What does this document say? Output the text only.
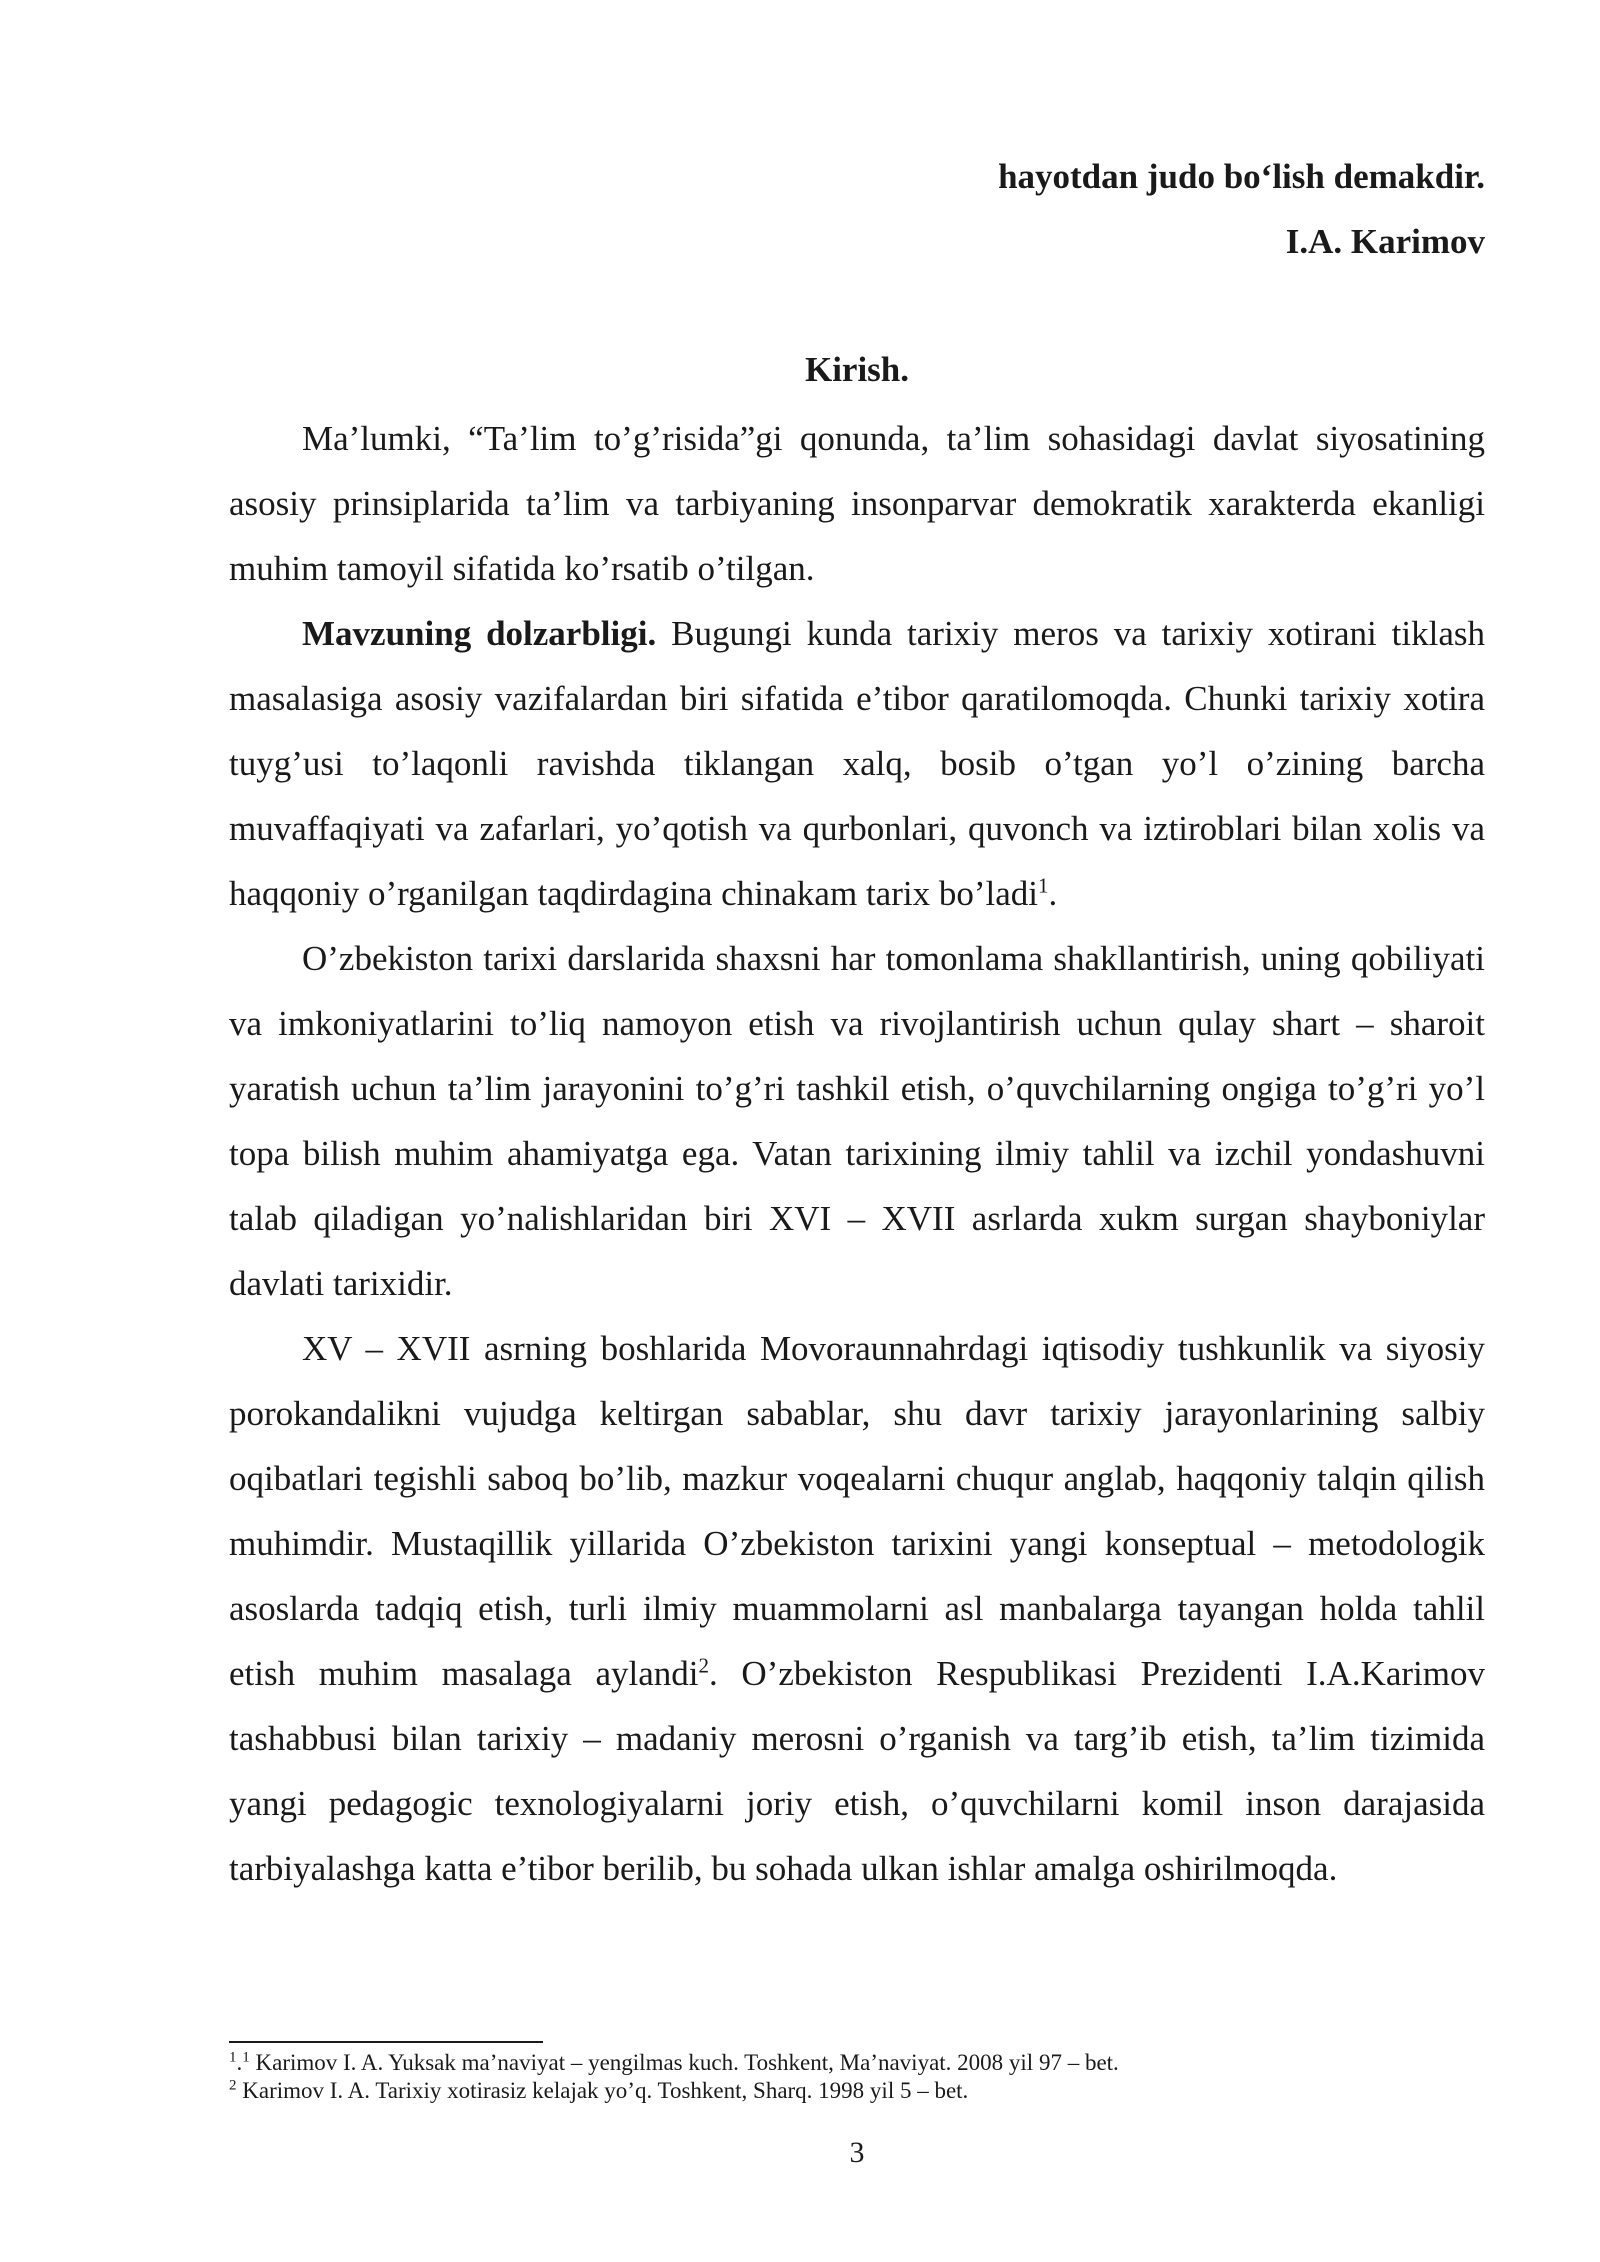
hayotdan judo bo‘lish demakdir.
I.A. Karimov
Kirish.

Ma’lumki, “Ta’lim to’g’risida”gi qonunda, ta’lim sohasidagi davlat siyosatining asosiy prinsiplarida ta’lim va tarbiyaning insonparvar demokratik xarakterda ekanligi muhim tamoyil sifatida ko’rsatib o’tilgan.

Mavzuning dolzarbligi. Bugungi kunda tarixiy meros va tarixiy xotirani tiklash masalasiga asosiy vazifalardan biri sifatida e’tibor qaratilomoqda. Chunki tarixiy xotira tuyg’usi to’laqonli ravishda tiklangan xalq, bosib o’tgan yo’l o’zining barcha muvaffaqiyati va zafarlari, yo’qotish va qurbonlari, quvonch va iztiroblari bilan xolis va haqqoniy o’rganilgan taqdirdagina chinakam tarix bo’ladi$^1$.

O’zbekiston tarixi darslarida shaxsni har tomonlama shakllantirish, uning qobiliyati va imkoniyatlarini to’liq namoyon etish va rivojlantirish uchun qulay shart – sharoit yaratish uchun ta’lim jarayonini to’g’ri tashkil etish, o’quvchilarning ongiga to’g’ri yo’l topa bilish muhim ahamiyatga ega. Vatan tarixining ilmiy tahlil va izchil yondashuvni talab qiladigan yo’nalishlaridan biri XVI – XVII asrlarda xukm surgan shayboniylar davlati tarixidir.

XV – XVII asrning boshlarida Movoraunnahrdagi iqtisodiy tushkunlik va siyosiy porokandalikni vujudga keltirgan sabablar, shu davr tarixiy jarayonlarining salbiy oqibatlari tegishli saboq bo’lib, mazkur voqealarni chuqur anglab, haqqoniy talqin qilish muhimdir. Mustaqillik yillarida O’zbekiston tarixini yangi konseptual – metodologik asoslarda tadqiq etish, turli ilmiy muammolarni asl manbalarga tayangan holda tahlil etish muhim masalaga aylandi$^2$. O’zbekiston Respublikasi Prezidenti I.A.Karimov tashabbusi bilan tarixiy – madaniy merosni o’rganish va targ’ib etish, ta’lim tizimida yangi pedagogic texnologiyalarni joriy etish, o’quvchilarni komil inson darajasida tarbiyalashga katta e’tibor berilib, bu sohada ulkan ishlar amalga oshirilmoqda.

$^1$.$^1$ Karimov I. A. Yuksak ma’naviyat – yengilmas kuch. Toshkent, Ma’naviyat. 2008 yil 97 – bet.

$^2$ Karimov I. A. Tarixiy xotirasiz kelajak yo’q. Toshkent, Sharq. 1998 yil 5 – bet.

3
